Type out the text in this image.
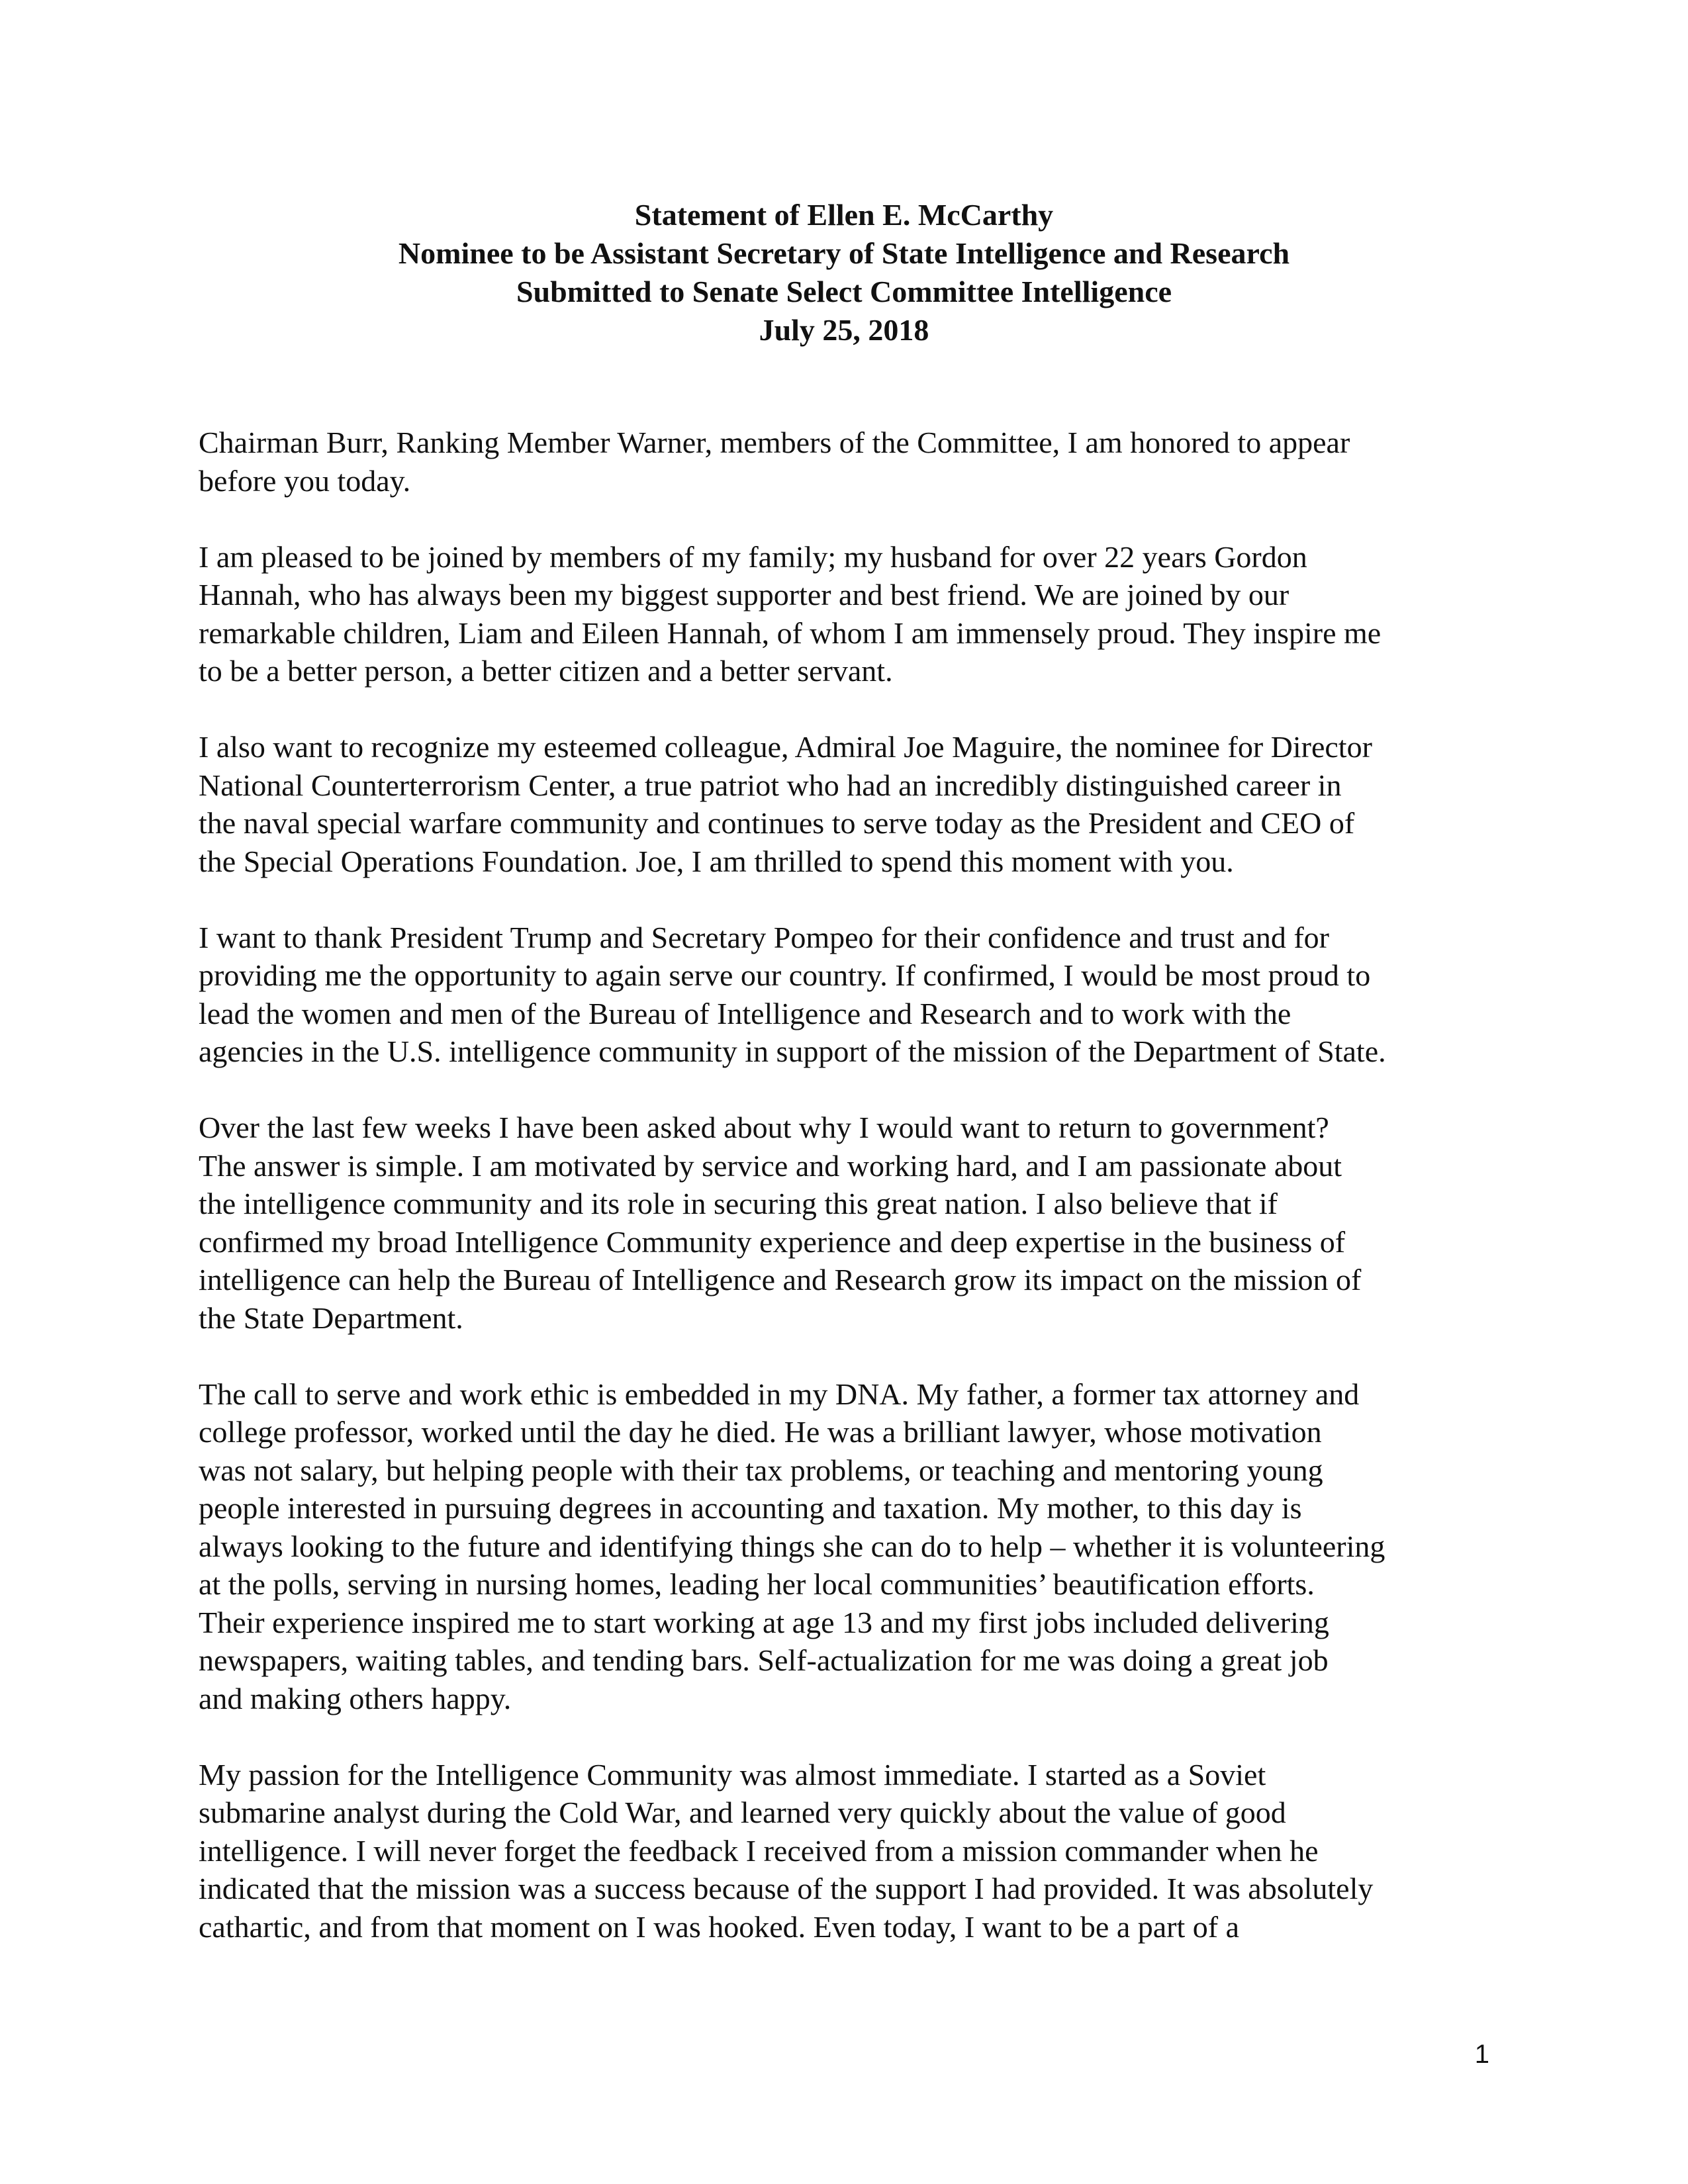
Statement of Ellen E. McCarthy
Nominee to be Assistant Secretary of State Intelligence and Research
Submitted to Senate Select Committee Intelligence
July 25, 2018
Chairman Burr, Ranking Member Warner, members of the Committee, I am honored to appear
before you today.
I am pleased to be joined by members of my family; my husband for over 22 years Gordon
Hannah, who has always been my biggest supporter and best friend. We are joined by our
remarkable children, Liam and Eileen Hannah, of whom I am immensely proud. They inspire me
to be a better person, a better citizen and a better servant.
I also want to recognize my esteemed colleague, Admiral Joe Maguire, the nominee for Director
National Counterterrorism Center, a true patriot who had an incredibly distinguished career in
the naval special warfare community and continues to serve today as the President and CEO of
the Special Operations Foundation. Joe, I am thrilled to spend this moment with you.
I want to thank President Trump and Secretary Pompeo for their confidence and trust and for
providing me the opportunity to again serve our country. If confirmed, I would be most proud to
lead the women and men of the Bureau of Intelligence and Research and to work with the
agencies in the U.S. intelligence community in support of the mission of the Department of State.
Over the last few weeks I have been asked about why I would want to return to government?
The answer is simple. I am motivated by service and working hard, and I am passionate about
the intelligence community and its role in securing this great nation. I also believe that if
confirmed my broad Intelligence Community experience and deep expertise in the business of
intelligence can help the Bureau of Intelligence and Research grow its impact on the mission of
the State Department.
The call to serve and work ethic is embedded in my DNA. My father, a former tax attorney and
college professor, worked until the day he died. He was a brilliant lawyer, whose motivation
was not salary, but helping people with their tax problems, or teaching and mentoring young
people interested in pursuing degrees in accounting and taxation. My mother, to this day is
always looking to the future and identifying things she can do to help – whether it is volunteering
at the polls, serving in nursing homes, leading her local communities’ beautification efforts.
Their experience inspired me to start working at age 13 and my first jobs included delivering
newspapers, waiting tables, and tending bars. Self-actualization for me was doing a great job
and making others happy.
My passion for the Intelligence Community was almost immediate. I started as a Soviet
submarine analyst during the Cold War, and learned very quickly about the value of good
intelligence. I will never forget the feedback I received from a mission commander when he
indicated that the mission was a success because of the support I had provided. It was absolutely
cathartic, and from that moment on I was hooked. Even today, I want to be a part of a
1
